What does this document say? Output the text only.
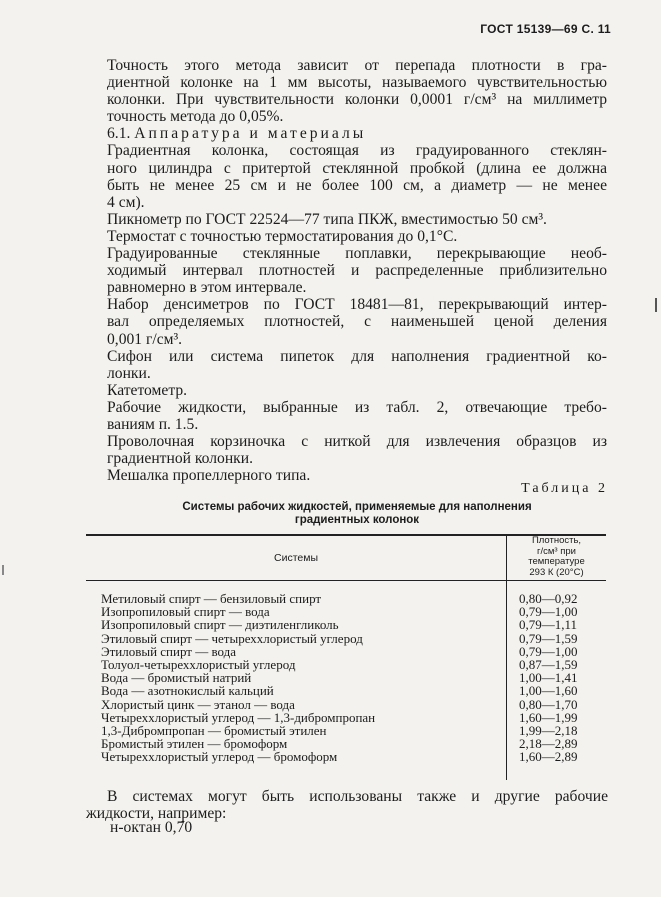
ГОСТ 15139—69 С. 11
Точность этого метода зависит от перепада плотности в гра-
диентной колонке на 1 мм высоты, называемого чувствительностью
колонки. При чувствительности колонки 0,0001 г/см³ на миллиметр
точность метода до 0,05%.
6.1. Аппаратура и материалы
Градиентная колонка, состоящая из градуированного стеклян-
ного цилиндра с притертой стеклянной пробкой (длина ее должна
быть не менее 25 см и не более 100 см, а диаметр — не менее
4 см).
Пикнометр по ГОСТ 22524—77 типа ПКЖ, вместимостью 50 см³.
Термостат с точностью термостатирования до 0,1°С.
Градуированные стеклянные поплавки, перекрывающие необ-
ходимый интервал плотностей и распределенные приблизительно
равномерно в этом интервале.
Набор денсиметров по ГОСТ 18481—81, перекрывающий интер-
вал определяемых плотностей, с наименьшей ценой деления
0,001 г/см³.
Сифон или система пипеток для наполнения градиентной ко-
лонки.
Катетометр.
Рабочие жидкости, выбранные из табл. 2, отвечающие требо-
ваниям п. 1.5.
Проволочная корзиночка с ниткой для извлечения образцов из
градиентной колонки.
Мешалка пропеллерного типа.
Таблица 2
Системы рабочих жидкостей, применяемые для наполнения
градиентных колонок
Системы
Плотность,
г/см³ при
температуре
293 К (20°С)
Метиловый спирт — бензиловый спирт	0,80—0,92
Изопропиловый спирт — вода	0,79—1,00
Изопропиловый спирт — диэтиленгликоль	0,79—1,11
Этиловый спирт — четыреххлористый углерод	0,79—1,59
Этиловый спирт — вода	0,79—1,00
Толуол-четыреххлористый углерод	0,87—1,59
Вода — бромистый натрий	1,00—1,41
Вода — азотнокислый кальций	1,00—1,60
Хлористый цинк — этанол — вода	0,80—1,70
Четыреххлористый углерод — 1,3-дибромпропан	1,60—1,99
1,3-Дибромпропан — бромистый этилен	1,99—2,18
Бромистый этилен — бромоформ	2,18—2,89
Четыреххлористый углерод — бромоформ	1,60—2,89
В системах могут быть использованы также и другие рабочие
жидкости, например:
н-октан 0,70
